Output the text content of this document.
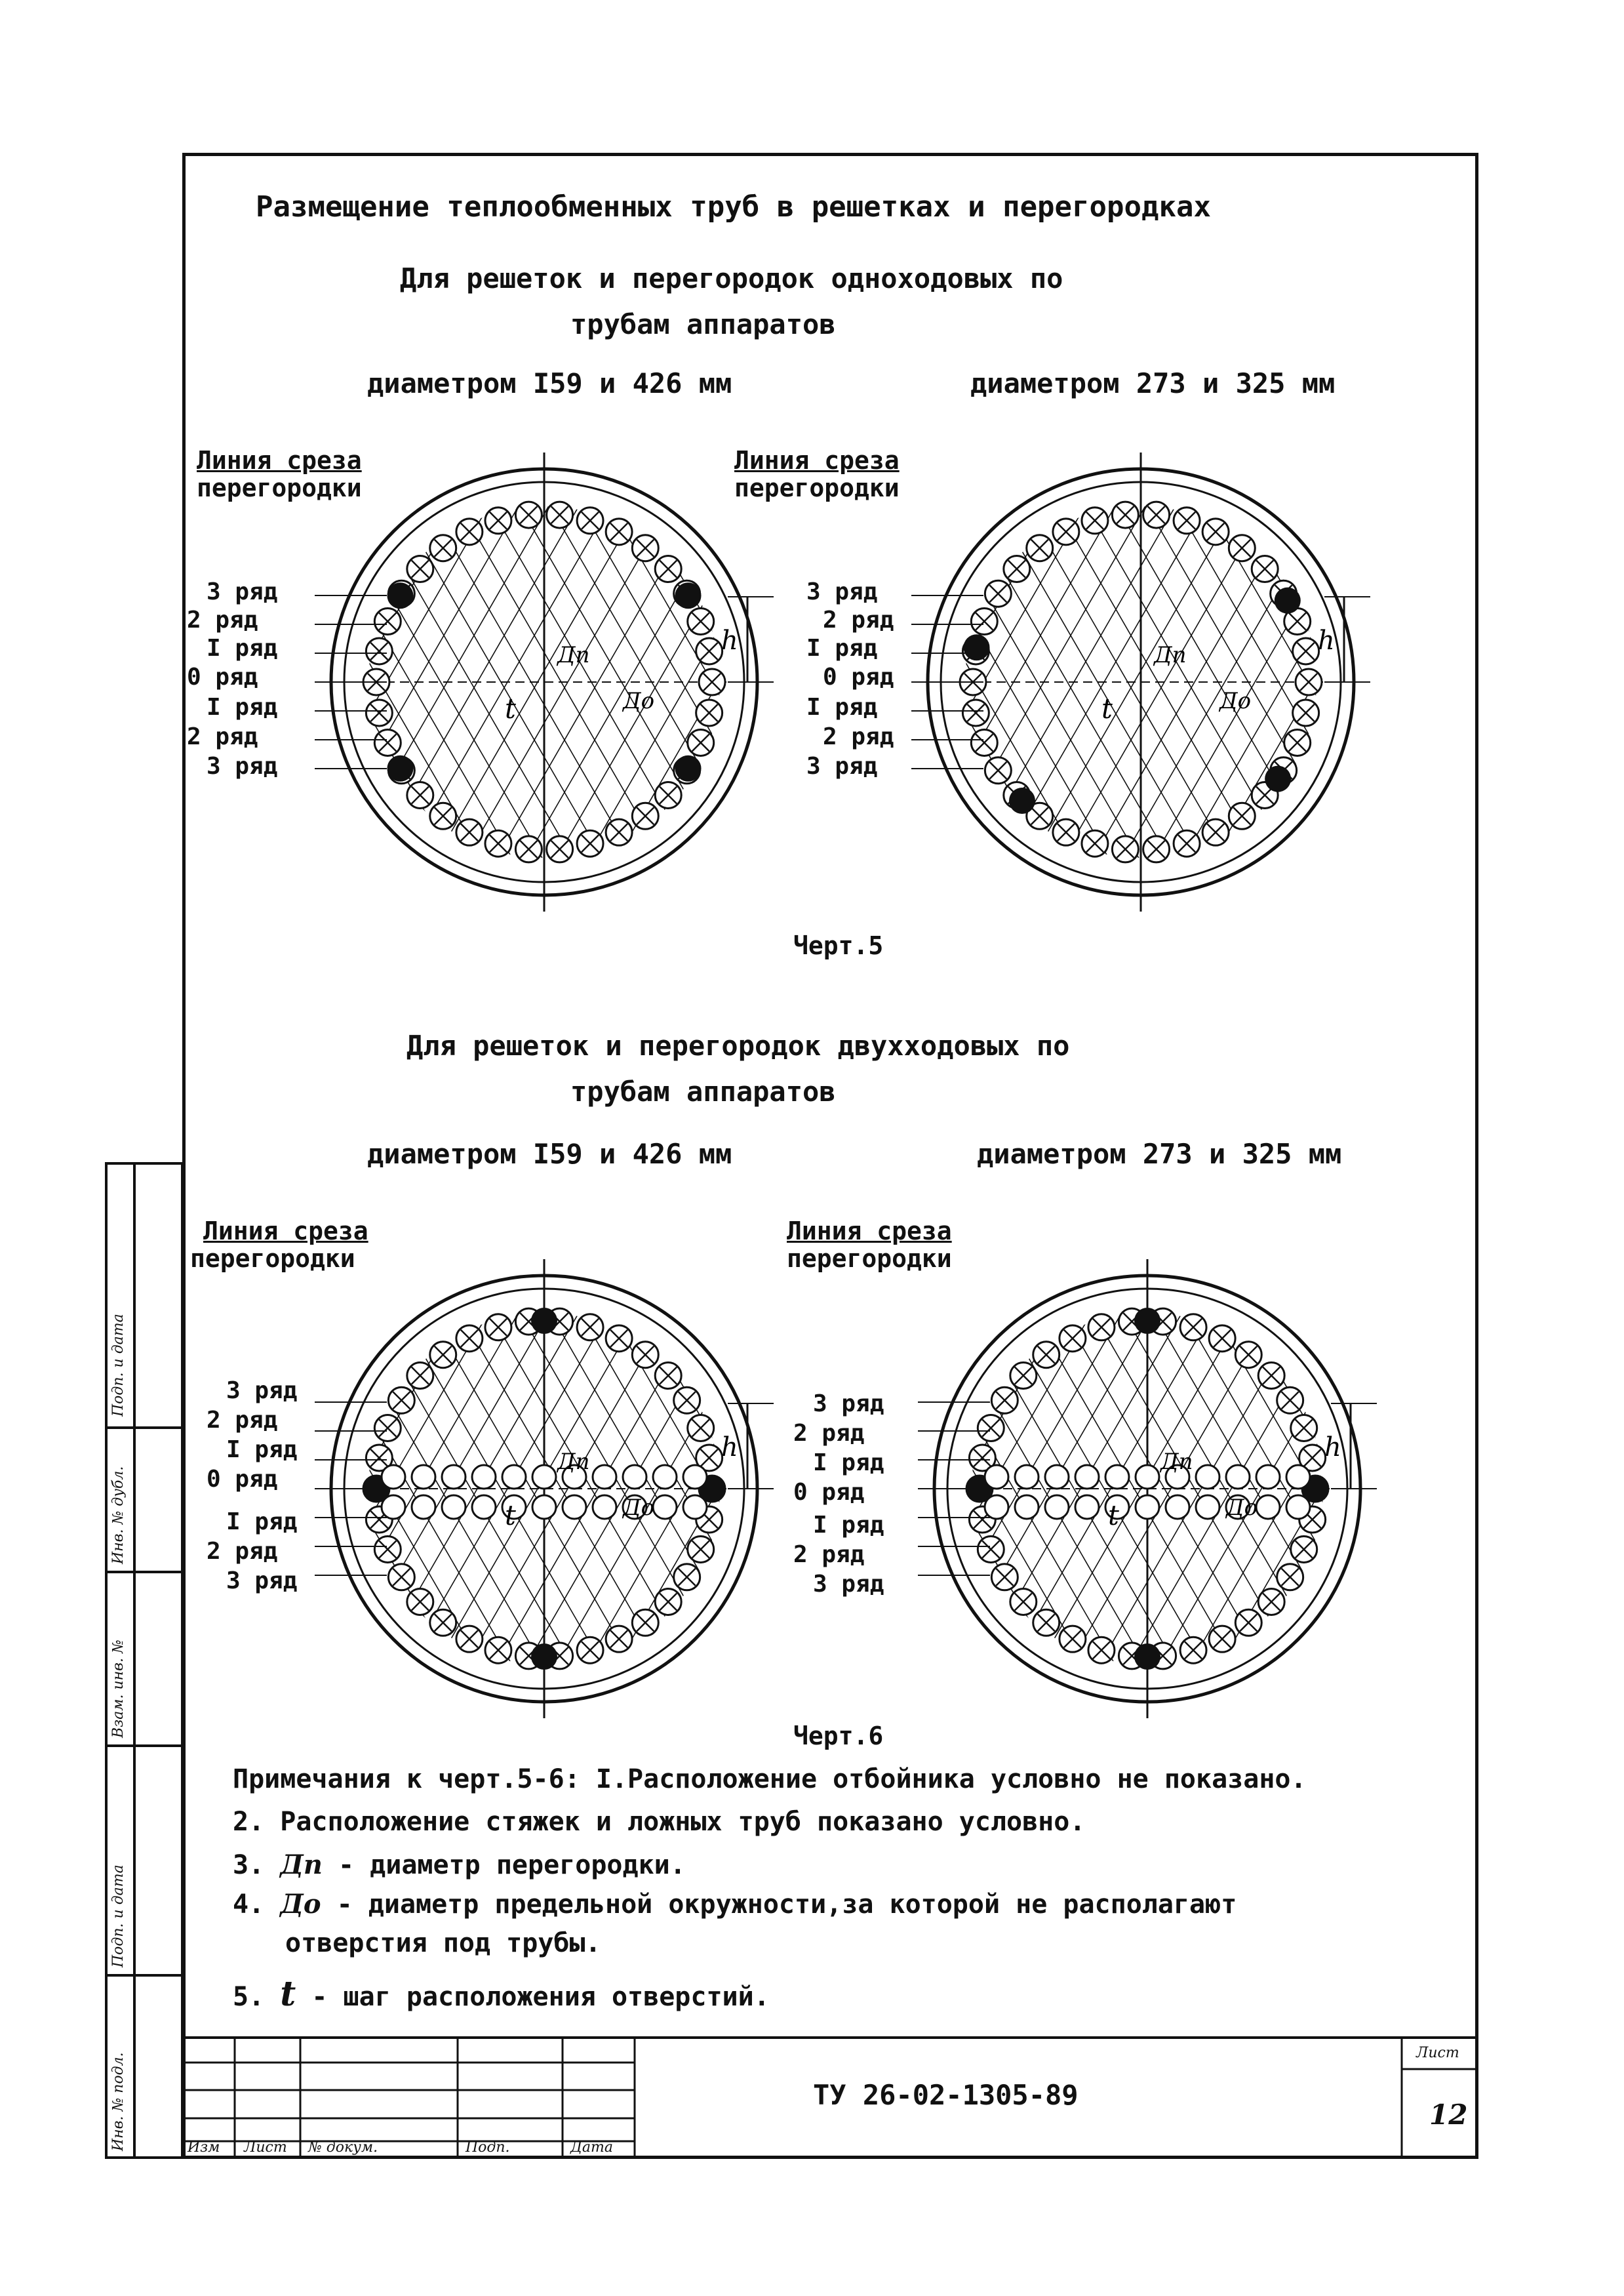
Размещение теплообменных труб в решетках и перегородках
Для решеток и перегородок одноходовых по
трубам аппаратов
диаметром I59 и 426 мм	диаметром 273 и 325 мм
Линия среза
перегородки
Линия среза
перегородки
3 ряд
2 ряд
I ряд
0 ряд
I ряд
2 ряд
3 ряд
3 ряд
2 ряд
I ряд
0 ряд
I ряд
2 ряд
3 ряд
h
t
Дп
Дo
h
t
Дп
Дo
Черт.5
Для решеток и перегородок двухходовых по
трубам аппаратов
диаметром I59 и 426 мм	диаметром 273 и 325 мм
Линия среза
перегородки
Линия среза
перегородки
3 ряд
2 ряд
I ряд
0 ряд
I ряд
2 ряд
3 ряд
3 ряд
2 ряд
I ряд
0 ряд
I ряд
2 ряд
3 ряд
h
t
Дп
Дo
h
t
Дп
Дo
Черт.6
Примечания к черт.5-6: I.Расположение отбойника условно не показано.
2. Расположение стяжек и ложных труб показано условно.
3. Дп - диаметр перегородки.
4. До - диаметр предельной окружности,за которой не располагают
отверстия под трубы.
5. t - шаг расположения отверстий.
Изм Лист № докум.	Подп.	Дата
ТУ 26-02-1305-89
Лист
12
Подп. и дата
Инв. № дубл.
Взам. инв. №
Подп. и дата
Инв. № подл.
